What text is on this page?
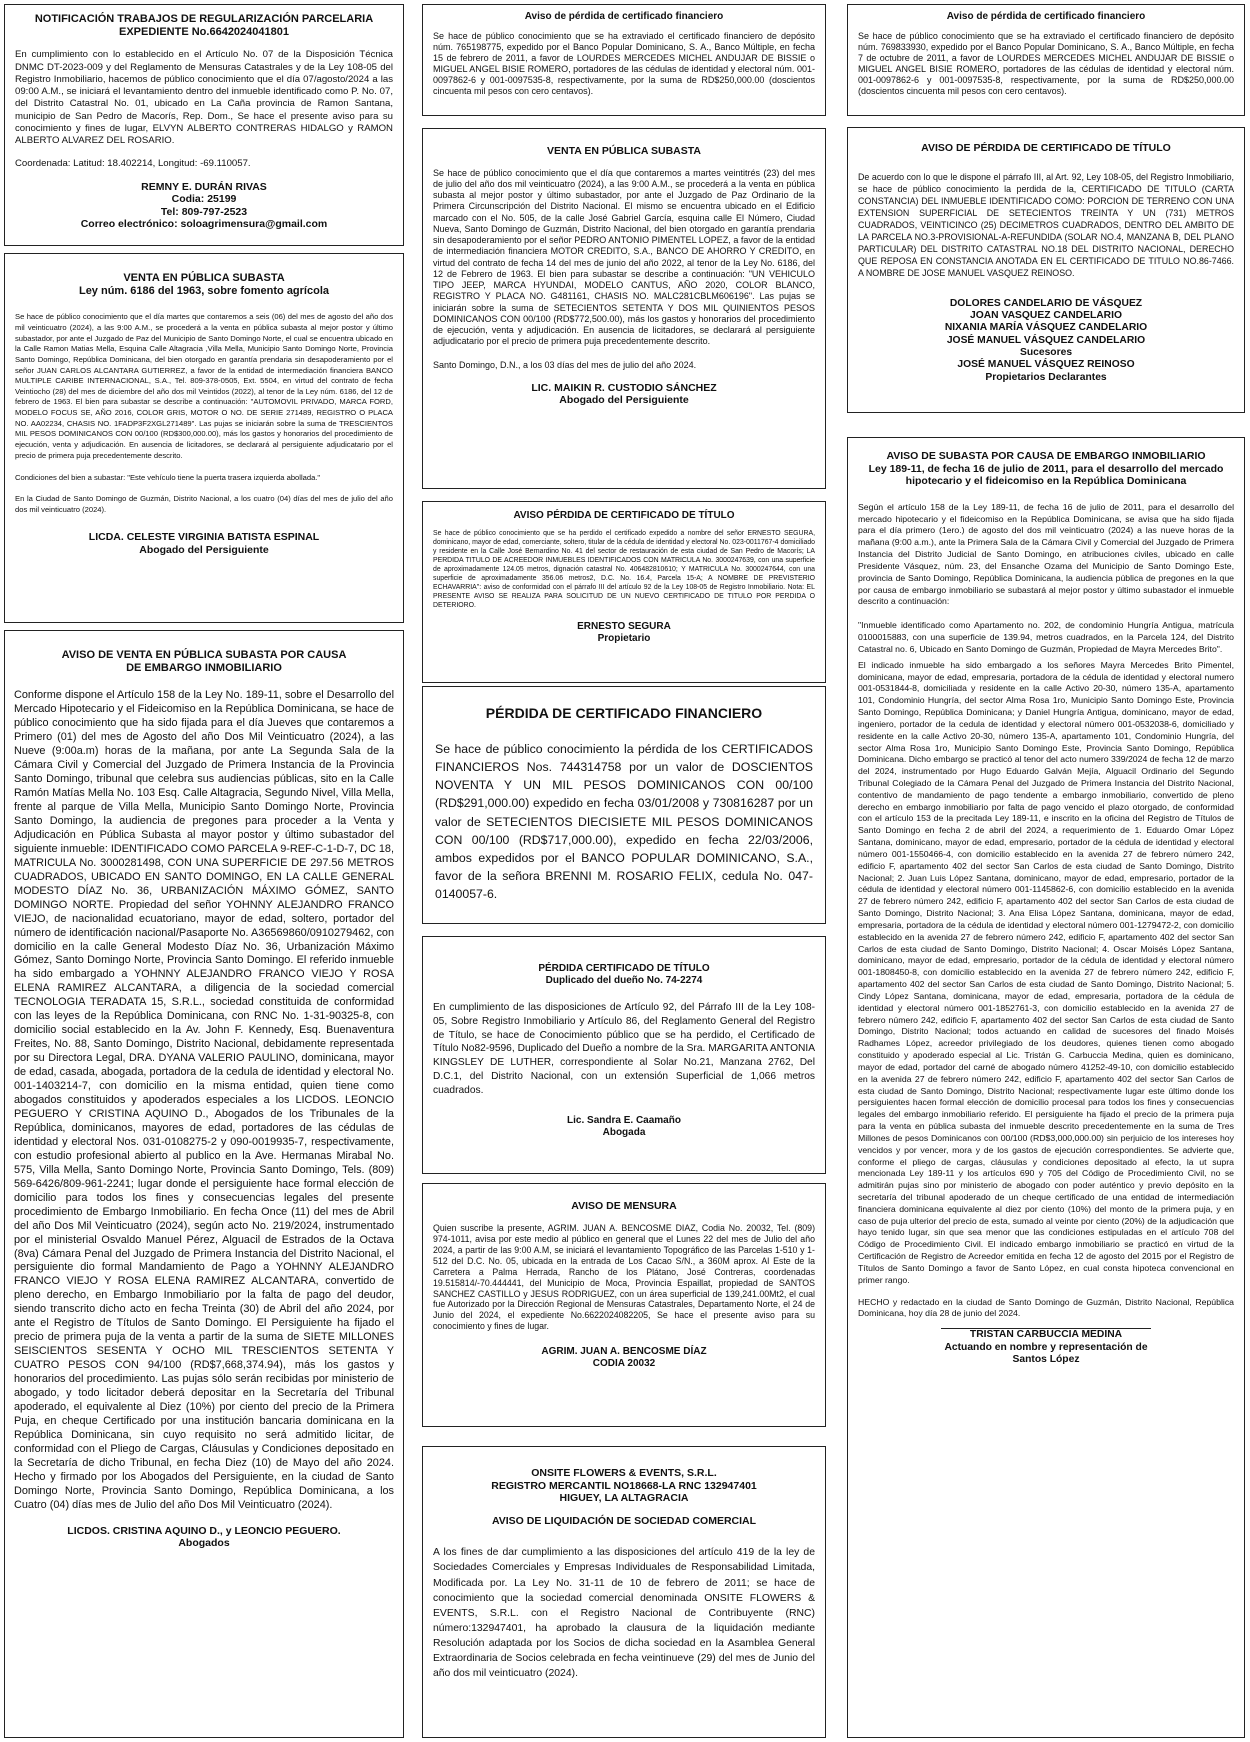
NOTIFICACIÓN TRABAJOS DE REGULARIZACIÓN PARCELARIA
EXPEDIENTE No.6642024041801
En cumplimiento con lo establecido en el Artículo No. 07 de la Disposición Técnica DNMC DT-2023-009 y del Reglamento de Mensuras Catastrales y de la Ley 108-05 del Registro Inmobiliario, hacemos de público conocimiento que el día 07/agosto/2024 a las 09:00 A.M., se iniciará el levantamiento dentro del inmueble identificado como P. No. 07, del Distrito Catastral No. 01, ubicado en La Caña provincia de Ramon Santana, municipio de San Pedro de Macorís, Rep. Dom., Se hace el presente aviso para su conocimiento y fines de lugar, ELVYN ALBERTO CONTRERAS HIDALGO y RAMON ALBERTO ALVAREZ DEL ROSARIO.
Coordenada: Latitud: 18.402214, Longitud: -69.110057.
REMNY E. DURÁN RIVAS
Codia: 25199
Tel: 809-797-2523
Correo electrónico: soloagrimensura@gmail.com
VENTA EN PÚBLICA SUBASTA
Ley núm. 6186 del 1963, sobre fomento agrícola
Se hace de público conocimiento que el día martes que contaremos a seis (06) del mes de agosto del año dos mil veinticuatro (2024), a las 9:00 A.M., se procederá a la venta en pública subasta al mejor postor y último subastador, por ante el Juzgado de Paz del Municipio de Santo Domingo Norte, el cual se encuentra ubicado en la Calle Ramon Matias Mella, Esquina Calle Altagracia ,Villa Mella, Municipio Santo Domingo Norte, Provincia Santo Domingo, República Dominicana, del bien otorgado en garantía prendaria sin desapoderamiento por el señor JUAN CARLOS ALCANTARA GUTIERREZ, a favor de la entidad de intermediación financiera BANCO MULTIPLE CARIBE INTERNACIONAL, S.A., Tel. 809-378-0505, Ext. 5504, en virtud del contrato de fecha Veintiocho (28) del mes de diciembre del año dos mil Veintidos (2022), al tenor de la Ley núm. 6186, del 12 de febrero de 1963. El bien para subastar se describe a continuación: "AUTOMOVIL PRIVADO, MARCA FORD, MODELO FOCUS SE, AÑO 2016, COLOR GRIS, MOTOR O NO. DE SERIE 271489, REGISTRO O PLACA NO. AA02234, CHASIS NO. 1FADP3F2XGL271489". Las pujas se iniciarán sobre la suma de TRESCIENTOS MIL PESOS DOMINICANOS CON 00/100 (RD$300,000.00), más los gastos y honorarios del procedimiento de ejecución, venta y adjudicación. En ausencia de licitadores, se declarará al persiguiente adjudicatario por el precio de primera puja precedentemente descrito.
Condiciones del bien a subastar: "Este vehículo tiene la puerta trasera izquierda abollada."
En la Ciudad de Santo Domingo de Guzmán, Distrito Nacional, a los cuatro (04) días del mes de julio del año dos mil veinticuatro (2024).
LICDA. CELESTE VIRGINIA BATISTA ESPINAL
Abogado del Persiguiente
AVISO DE VENTA EN PÚBLICA SUBASTA POR CAUSA
DE EMBARGO INMOBILIARIO
Conforme dispone el Artículo 158 de la Ley No. 189-11, sobre el Desarrollo del Mercado Hipotecario y el Fideicomiso en la República Dominicana, se hace de público conocimiento que ha sido fijada para el día Jueves que contaremos a Primero (01) del mes de Agosto del año Dos Mil Veinticuatro (2024), a las Nueve (9:00a.m) horas de la mañana, por ante La Segunda Sala de la Cámara Civil y Comercial del Juzgado de Primera Instancia de la Provincia Santo Domingo, tribunal que celebra sus audiencias públicas, sito en la Calle Ramón Matías Mella No. 103 Esq. Calle Altagracia, Segundo Nivel, Villa Mella, frente al parque de Villa Mella, Municipio Santo Domingo Norte, Provincia Santo Domingo, la audiencia de pregones para proceder a la Venta y Adjudicación en Pública Subasta al mayor postor y último subastador del siguiente inmueble: IDENTIFICADO COMO PARCELA 9-REF-C-1-D-7, DC 18, MATRICULA No. 3000281498, CON UNA SUPERFICIE DE 297.56 METROS CUADRADOS, UBICADO EN SANTO DOMINGO, EN LA CALLE GENERAL MODESTO DÍAZ No. 36, URBANIZACIÓN MÁXIMO GÓMEZ, SANTO DOMINGO NORTE. Propiedad del señor YOHNNY ALEJANDRO FRANCO VIEJO, de nacionalidad ecuatoriano, mayor de edad, soltero, portador del número de identificación nacional/Pasaporte No. A36569860/0910279462, con domicilio en la calle General Modesto Díaz No. 36, Urbanización Máximo Gómez, Santo Domingo Norte, Provincia Santo Domingo. El referido inmueble ha sido embargado a YOHNNY ALEJANDRO FRANCO VIEJO Y ROSA ELENA RAMIREZ ALCANTARA, a diligencia de la sociedad comercial TECNOLOGIA TERADATA 15, S.R.L., sociedad constituida de conformidad con las leyes de la República Dominicana, con RNC No. 1-31-90325-8, con domicilio social establecido en la Av. John F. Kennedy, Esq. Buenaventura Freites, No. 88, Santo Domingo, Distrito Nacional, debidamente representada por su Directora Legal, DRA. DYANA VALERIO PAULINO, dominicana, mayor de edad, casada, abogada, portadora de la cedula de identidad y electoral No. 001-1403214-7, con domicilio en la misma entidad, quien tiene como abogados constituidos y apoderados especiales a los LICDOS. LEONCIO PEGUERO Y CRISTINA AQUINO D., Abogados de los Tribunales de la República, dominicanos, mayores de edad, portadores de las cédulas de identidad y electoral Nos. 031-0108275-2 y 090-0019935-7, respectivamente, con estudio profesional abierto al publico en la Ave. Hermanas Mirabal No. 575, Villa Mella, Santo Domingo Norte, Provincia Santo Domingo, Tels. (809) 569-6426/809-961-2241; lugar donde el persiguiente hace formal elección de domicilio para todos los fines y consecuencias legales del presente procedimiento de Embargo Inmobiliario. En fecha Once (11) del mes de Abril del año Dos Mil Veinticuatro (2024), según acto No. 219/2024, instrumentado por el ministerial Osvaldo Manuel Pérez, Alguacil de Estrados de la Octava (8va) Cámara Penal del Juzgado de Primera Instancia del Distrito Nacional, el persiguiente dio formal Mandamiento de Pago a YOHNNY ALEJANDRO FRANCO VIEJO Y ROSA ELENA RAMIREZ ALCANTARA, convertido de pleno derecho, en Embargo Inmobiliario por la falta de pago del deudor, siendo transcrito dicho acto en fecha Treinta (30) de Abril del año 2024, por ante el Registro de Títulos de Santo Domingo. El Persiguiente ha fijado el precio de primera puja de la venta a partir de la suma de SIETE MILLONES SEISCIENTOS SESENTA Y OCHO MIL TRESCIENTOS SETENTA Y CUATRO PESOS CON 94/100 (RD$7,668,374.94), más los gastos y honorarios del procedimiento. Las pujas sólo serán recibidas por ministerio de abogado, y todo licitador deberá depositar en la Secretaría del Tribunal apoderado, el equivalente al Diez (10%) por ciento del precio de la Primera Puja, en cheque Certificado por una institución bancaria dominicana en la República Dominicana, sin cuyo requisito no será admitido licitar, de conformidad con el Pliego de Cargas, Cláusulas y Condiciones depositado en la Secretaría de dicho Tribunal, en fecha Diez (10) de Mayo del año 2024. Hecho y firmado por los Abogados del Persiguiente, en la ciudad de Santo Domingo Norte, Provincia Santo Domingo, República Dominicana, a los Cuatro (04) días mes de Julio del año Dos Mil Veinticuatro (2024).
LICDOS. CRISTINA AQUINO D., y LEONCIO PEGUERO.
Abogados
Aviso de pérdida de certificado financiero
Se hace de público conocimiento que se ha extraviado el certificado financiero de depósito núm. 765198775, expedido por el Banco Popular Dominicano, S. A., Banco Múltiple, en fecha 15 de febrero de 2011, a favor de LOURDES MERCEDES MICHEL ANDUJAR DE BISSIE o MIGUEL ANGEL BISIE ROMERO, portadores de las cédulas de identidad y electoral núm. 001-0097862-6 y 001-0097535-8, respectivamente, por la suma de RD$250,000.00 (doscientos cincuenta mil pesos con cero centavos).
VENTA EN PÚBLICA SUBASTA
Se hace de público conocimiento que el día que contaremos a martes veintitrés (23) del mes de julio del año dos mil veinticuatro (2024), a las 9:00 A.M., se procederá a la venta en pública subasta al mejor postor y último subastador, por ante el Juzgado de Paz Ordinario de la Primera Circunscripción del Distrito Nacional. El mismo se encuentra ubicado en el Edificio marcado con el No. 505, de la calle José Gabriel García, esquina calle El Número, Ciudad Nueva, Santo Domingo de Guzmán, Distrito Nacional, del bien otorgado en garantía prendaria sin desapoderamiento por el señor PEDRO ANTONIO PIMENTEL LOPEZ, a favor de la entidad de intermediación financiera MOTOR CREDITO, S.A., BANCO DE AHORRO Y CREDITO, en virtud del contrato de fecha 14 del mes de junio del año 2022, al tenor de la Ley No. 6186, del 12 de Febrero de 1963. El bien para subastar se describe a continuación: "UN VEHICULO TIPO JEEP, MARCA HYUNDAI, MODELO CANTUS, AÑO 2020, COLOR BLANCO, REGISTRO Y PLACA NO. G481161, CHASIS NO. MALC281CBLM606196". Las pujas se iniciarán sobre la suma de SETECIENTOS SETENTA Y DOS MIL QUINIENTOS PESOS DOMINICANOS CON 00/100 (RD$772,500.00), más los gastos y honorarios del procedimiento de ejecución, venta y adjudicación. En ausencia de licitadores, se declarará al persiguiente adjudicatario por el precio de primera puja precedentemente descrito.
Santo Domingo, D.N., a los 03 días del mes de julio del año 2024.
LIC. MAIKIN R. CUSTODIO SÁNCHEZ
Abogado del Persiguiente
AVISO PÉRDIDA DE CERTIFICADO DE TÍTULO
Se hace de público conocimiento que se ha perdido el certificado expedido a nombre del señor ERNESTO SEGURA, dominicano, mayor de edad, comerciante, soltero, titular de la cédula de identidad y electoral No. 023-0011767-4 domiciliado y residente en la Calle José Bernardino No. 41 del sector de restauración de esta ciudad de San Pedro de Macorís; LA PERDIDA TITULO DE ACREEDOR INMUEBLES IDENTIFICADOS CON MATRICULA No. 3000247639, con una superficie de aproximadamente 124.05 metros, dignación catastral No. 406482810610; Y MATRICULA No. 3000247644, con una superficie de aproximadamente 356.06 metros2, D.C. No. 16.4, Parcela 15-A; A NOMBRE DE PREVISTERIO ECHAVARRIA": aviso de conformidad con el párrafo III del artículo 92 de la Ley 108-05 de Registro Inmobiliario. Nota: EL PRESENTE AVISO SE REALIZA PARA SOLICITUD DE UN NUEVO CERTIFICADO DE TITULO POR PERDIDA O DETERIORO.
ERNESTO SEGURA
Propietario
PÉRDIDA DE CERTIFICADO FINANCIERO
Se hace de público conocimiento la pérdida de los CERTIFICADOS FINANCIEROS Nos. 744314758 por un valor de DOSCIENTOS NOVENTA Y UN MIL PESOS DOMINICANOS CON 00/100 (RD$291,000.00) expedido en fecha 03/01/2008 y 730816287 por un valor de SETECIENTOS DIECISIETE MIL PESOS DOMINICANOS CON 00/100 (RD$717,000.00), expedido en fecha 22/03/2006, ambos expedidos por el BANCO POPULAR DOMINICANO, S.A., favor de la señora BRENNI M. ROSARIO FELIX, cedula No. 047-0140057-6.
PÉRDIDA CERTIFICADO DE TÍTULO
Duplicado del dueño No. 74-2274
En cumplimiento de las disposiciones de Artículo 92, del Párrafo III de la Ley 108-05, Sobre Registro Inmobiliario y Artículo 86, del Reglamento General del Registro de Título, se hace de Conocimiento público que se ha perdido, el Certificado de Título No82-9596, Duplicado del Dueño a nombre de la Sra. MARGARITA ANTONIA KINGSLEY DE LUTHER, correspondiente al Solar No.21, Manzana 2762, Del D.C.1, del Distrito Nacional, con un extensión Superficial de 1,066 metros cuadrados.
Lic. Sandra E. Caamaño
Abogada
AVISO DE MENSURA
Quien suscribe la presente, AGRIM. JUAN A. BENCOSME DIAZ, Codia No. 20032, Tel. (809) 974-1011, avisa por este medio al público en general que el Lunes 22 del mes de Julio del año 2024, a partir de las 9:00 A.M, se iniciará el levantamiento Topográfico de las Parcelas 1-510 y 1-512 del D.C. No. 05, ubicada en la entrada de Los Cacao S/N., a 360M aprox. Al Este de la Carretera a Palma Herrada, Rancho de los Plátano, José Contreras, coordenadas 19.515814/-70.444441, del Municipio de Moca, Provincia Espaillat, propiedad de SANTOS SANCHEZ CASTILLO y JESUS RODRIGUEZ, con un área superficial de 139,241.00Mt2, el cual fue Autorizado por la Dirección Regional de Mensuras Catastrales, Departamento Norte, el 24 de Junio del 2024, el expediente No.6622024082205, Se hace el presente aviso para su conocimiento y fines de lugar.
AGRIM. JUAN A. BENCOSME DÍAZ
CODIA 20032
ONSITE FLOWERS & EVENTS, S.R.L.
REGISTRO MERCANTIL NO18668-LA RNC 132947401
HIGUEY, LA ALTAGRACIA
AVISO DE LIQUIDACIÓN DE SOCIEDAD COMERCIAL
A los fines de dar cumplimiento a las disposiciones del artículo 419 de la ley de Sociedades Comerciales y Empresas Individuales de Responsabilidad Limitada, Modificada por. La Ley No. 31-11 de 10 de febrero de 2011; se hace de conocimiento que la sociedad comercial denominada ONSITE FLOWERS & EVENTS, S.R.L. con el Registro Nacional de Contribuyente (RNC) número:132947401, ha aprobado la clausura de la liquidación mediante Resolución adaptada por los Socios de dicha sociedad en la Asamblea General Extraordinaria de Socios celebrada en fecha veintinueve (29) del mes de Junio del año dos mil veinticuatro (2024).
Aviso de pérdida de certificado financiero
Se hace de público conocimiento que se ha extraviado el certificado financiero de depósito núm. 769833930, expedido por el Banco Popular Dominicano, S. A., Banco Múltiple, en fecha 7 de octubre de 2011, a favor de LOURDES MERCEDES MICHEL ANDUJAR DE BISSIE o MIGUEL ANGEL BISIE ROMERO, portadores de las cédulas de identidad y electoral núm. 001-0097862-6 y 001-0097535-8, respectivamente, por la suma de RD$250,000.00 (doscientos cincuenta mil pesos con cero centavos).
AVISO DE PÉRDIDA DE CERTIFICADO DE TÍTULO
De acuerdo con lo que le dispone el párrafo III, al Art. 92, Ley 108-05, del Registro Inmobiliario, se hace de público conocimiento la perdida de la, CERTIFICADO DE TITULO (CARTA CONSTANCIA) DEL INMUEBLE IDENTIFICADO COMO: PORCION DE TERRENO CON UNA EXTENSION SUPERFICIAL DE SETECIENTOS TREINTA Y UN (731) METROS CUADRADOS, VEINTICINCO (25) DECIMETROS CUADRADOS, DENTRO DEL AMBITO DE LA PARCELA NO.3-PROVISIONAL-A-REFUNDIDA (SOLAR NO.4, MANZANA B, DEL PLANO PARTICULAR) DEL DISTRITO CATASTRAL NO.18 DEL DISTRITO NACIONAL, DERECHO QUE REPOSA EN CONSTANCIA ANOTADA EN EL CERTIFICADO DE TITULO NO.86-7466. A NOMBRE DE JOSE MANUEL VASQUEZ REINOSO.
DOLORES CANDELARIO DE VÁSQUEZ
JOAN VASQUEZ CANDELARIO
NIXANIA MARÍA VÁSQUEZ CANDELARIO
JOSÉ MANUEL VÁSQUEZ CANDELARIO
Sucesores
JOSÉ MANUEL VÁSQUEZ REINOSO
Propietarios Declarantes
AVISO DE SUBASTA POR CAUSA DE EMBARGO INMOBILIARIO
Ley 189-11, de fecha 16 de julio de 2011, para el desarrollo del mercado hipotecario y el fideicomiso en la República Dominicana
Según el artículo 158 de la Ley 189-11, de fecha 16 de julio de 2011, para el desarrollo del mercado hipotecario y el fideicomiso en la República Dominicana, se avisa que ha sido fijada para el día primero (1ero.) de agosto del dos mil veinticuatro (2024) a las nueve horas de la mañana (9:00 a.m.), ante la Primera Sala de la Cámara Civil y Comercial del Juzgado de Primera Instancia del Distrito Judicial de Santo Domingo, en atribuciones civiles, ubicado en calle Presidente Vásquez, núm. 23, del Ensanche Ozama del Municipio de Santo Domingo Este, provincia de Santo Domingo, República Dominicana, la audiencia pública de pregones en la que por causa de embargo inmobiliario se subastará al mejor postor y último subastador el inmueble descrito a continuación:
"Inmueble identificado como Apartamento no. 202, de condominio Hungría Antigua, matrícula 0100015883, con una superficie de 139.94, metros cuadrados, en la Parcela 124, del Distrito Catastral no. 6, Ubicado en Santo Domingo de Guzmán, Propiedad de Mayra Mercedes Brito".
El indicado inmueble ha sido embargado a los señores Mayra Mercedes Brito Pimentel, dominicana, mayor de edad, empresaria, portadora de la cédula de identidad y electoral numero 001-0531844-8, domiciliada y residente en la calle Activo 20-30, número 135-A, apartamento 101, Condominio Hungría, del sector Alma Rosa 1ro, Municipio Santo Domingo Este, Provincia Santo Domingo, República Dominicana; y Daniel Hungría Antigua, dominicano, mayor de edad, ingeniero, portador de la cedula de identidad y electoral número 001-0532038-6, domiciliado y residente en la calle Activo 20-30, número 135-A, apartamento 101, Condominio Hungría, del sector Alma Rosa 1ro, Municipio Santo Domingo Este, Provincia Santo Domingo, República Dominicana. Dicho embargo se practicó al tenor del acto numero 339/2024 de fecha 12 de marzo del 2024, instrumentado por Hugo Eduardo Galván Mejía, Alguacil Ordinario del Segundo Tribunal Colegiado de la Cámara Penal del Juzgado de Primera Instancia del Distrito Nacional, contentivo de mandamiento de pago tendente a embargo inmobiliario, convertido de pleno derecho en embargo inmobiliario por falta de pago vencido el plazo otorgado, de conformidad con el artículo 153 de la precitada Ley 189-11, e inscrito en la oficina del Registro de Títulos de Santo Domingo en fecha 2 de abril del 2024, a requerimiento de 1. Eduardo Omar López Santana, dominicano, mayor de edad, empresario, portador de la cédula de identidad y electoral número 001-1550466-4, con domicilio establecido en la avenida 27 de febrero número 242, edificio F, apartamento 402 del sector San Carlos de esta ciudad de Santo Domingo, Distrito Nacional; 2. Juan Luis López Santana, dominicano, mayor de edad, empresario, portador de la cédula de identidad y electoral número 001-1145862-6, con domicilio establecido en la avenida 27 de febrero número 242, edificio F, apartamento 402 del sector San Carlos de esta ciudad de Santo Domingo, Distrito Nacional; 3. Ana Elisa López Santana, dominicana, mayor de edad, empresaria, portadora de la cédula de identidad y electoral número 001-1279472-2, con domicilio establecido en la avenida 27 de febrero número 242, edificio F, apartamento 402 del sector San Carlos de esta ciudad de Santo Domingo, Distrito Nacional; 4. Oscar Moisés López Santana, dominicano, mayor de edad, empresario, portador de la cédula de identidad y electoral número 001-1808450-8, con domicilio establecido en la avenida 27 de febrero número 242, edificio F, apartamento 402 del sector San Carlos de esta ciudad de Santo Domingo, Distrito Nacional; 5. Cindy López Santana, dominicana, mayor de edad, empresaria, portadora de la cédula de identidad y electoral número 001-1852761-3, con domicilio establecido en la avenida 27 de febrero número 242, edificio F, apartamento 402 del sector San Carlos de esta ciudad de Santo Domingo, Distrito Nacional; todos actuando en calidad de sucesores del finado Moisés Radhames López, acreedor privilegiado de los deudores, quienes tienen como abogado constituido y apoderado especial al Lic. Tristán G. Carbuccia Medina, quien es dominicano, mayor de edad, portador del carné de abogado número 41252-49-10, con domicilio establecido en la avenida 27 de febrero número 242, edificio F, apartamento 402 del sector San Carlos de esta ciudad de Santo Domingo, Distrito Nacional; respectivamente lugar este último donde los persiguientes hacen formal elección de domicilio procesal para todos los fines y consecuencias legales del embargo inmobiliario referido. El persiguiente ha fijado el precio de la primera puja para la venta en pública subasta del inmueble descrito precedentemente en la suma de Tres Millones de pesos Dominicanos con 00/100 (RD$3,000,000.00) sin perjuicio de los intereses hoy vencidos y por vencer, mora y de los gastos de ejecución correspondientes. Se advierte que, conforme el pliego de cargas, cláusulas y condiciones depositado al efecto, la ut supra mencionada Ley 189-11 y los artículos 690 y 705 del Código de Procedimiento Civil, no se admitirán pujas sino por ministerio de abogado con poder auténtico y previo depósito en la secretaría del tribunal apoderado de un cheque certificado de una entidad de intermediación financiera dominicana equivalente al diez por ciento (10%) del monto de la primera puja, y en caso de puja ulterior del precio de esta, sumado al veinte por ciento (20%) de la adjudicación que hayo tenido lugar, sin que sea menor que las condiciones estipuladas en el artículo 708 del Código de Procedimiento Civil. El indicado embargo inmobiliario se practicó en virtud de la Certificación de Registro de Acreedor emitida en fecha 12 de agosto del 2015 por el Registro de Títulos de Santo Domingo a favor de Santo López, en cual consta hipoteca convencional en primer rango.
HECHO y redactado en la ciudad de Santo Domingo de Guzmán, Distrito Nacional, República Dominicana, hoy día 28 de junio del 2024.
TRISTAN CARBUCCIA MEDINA
Actuando en nombre y representación de
Santos López
